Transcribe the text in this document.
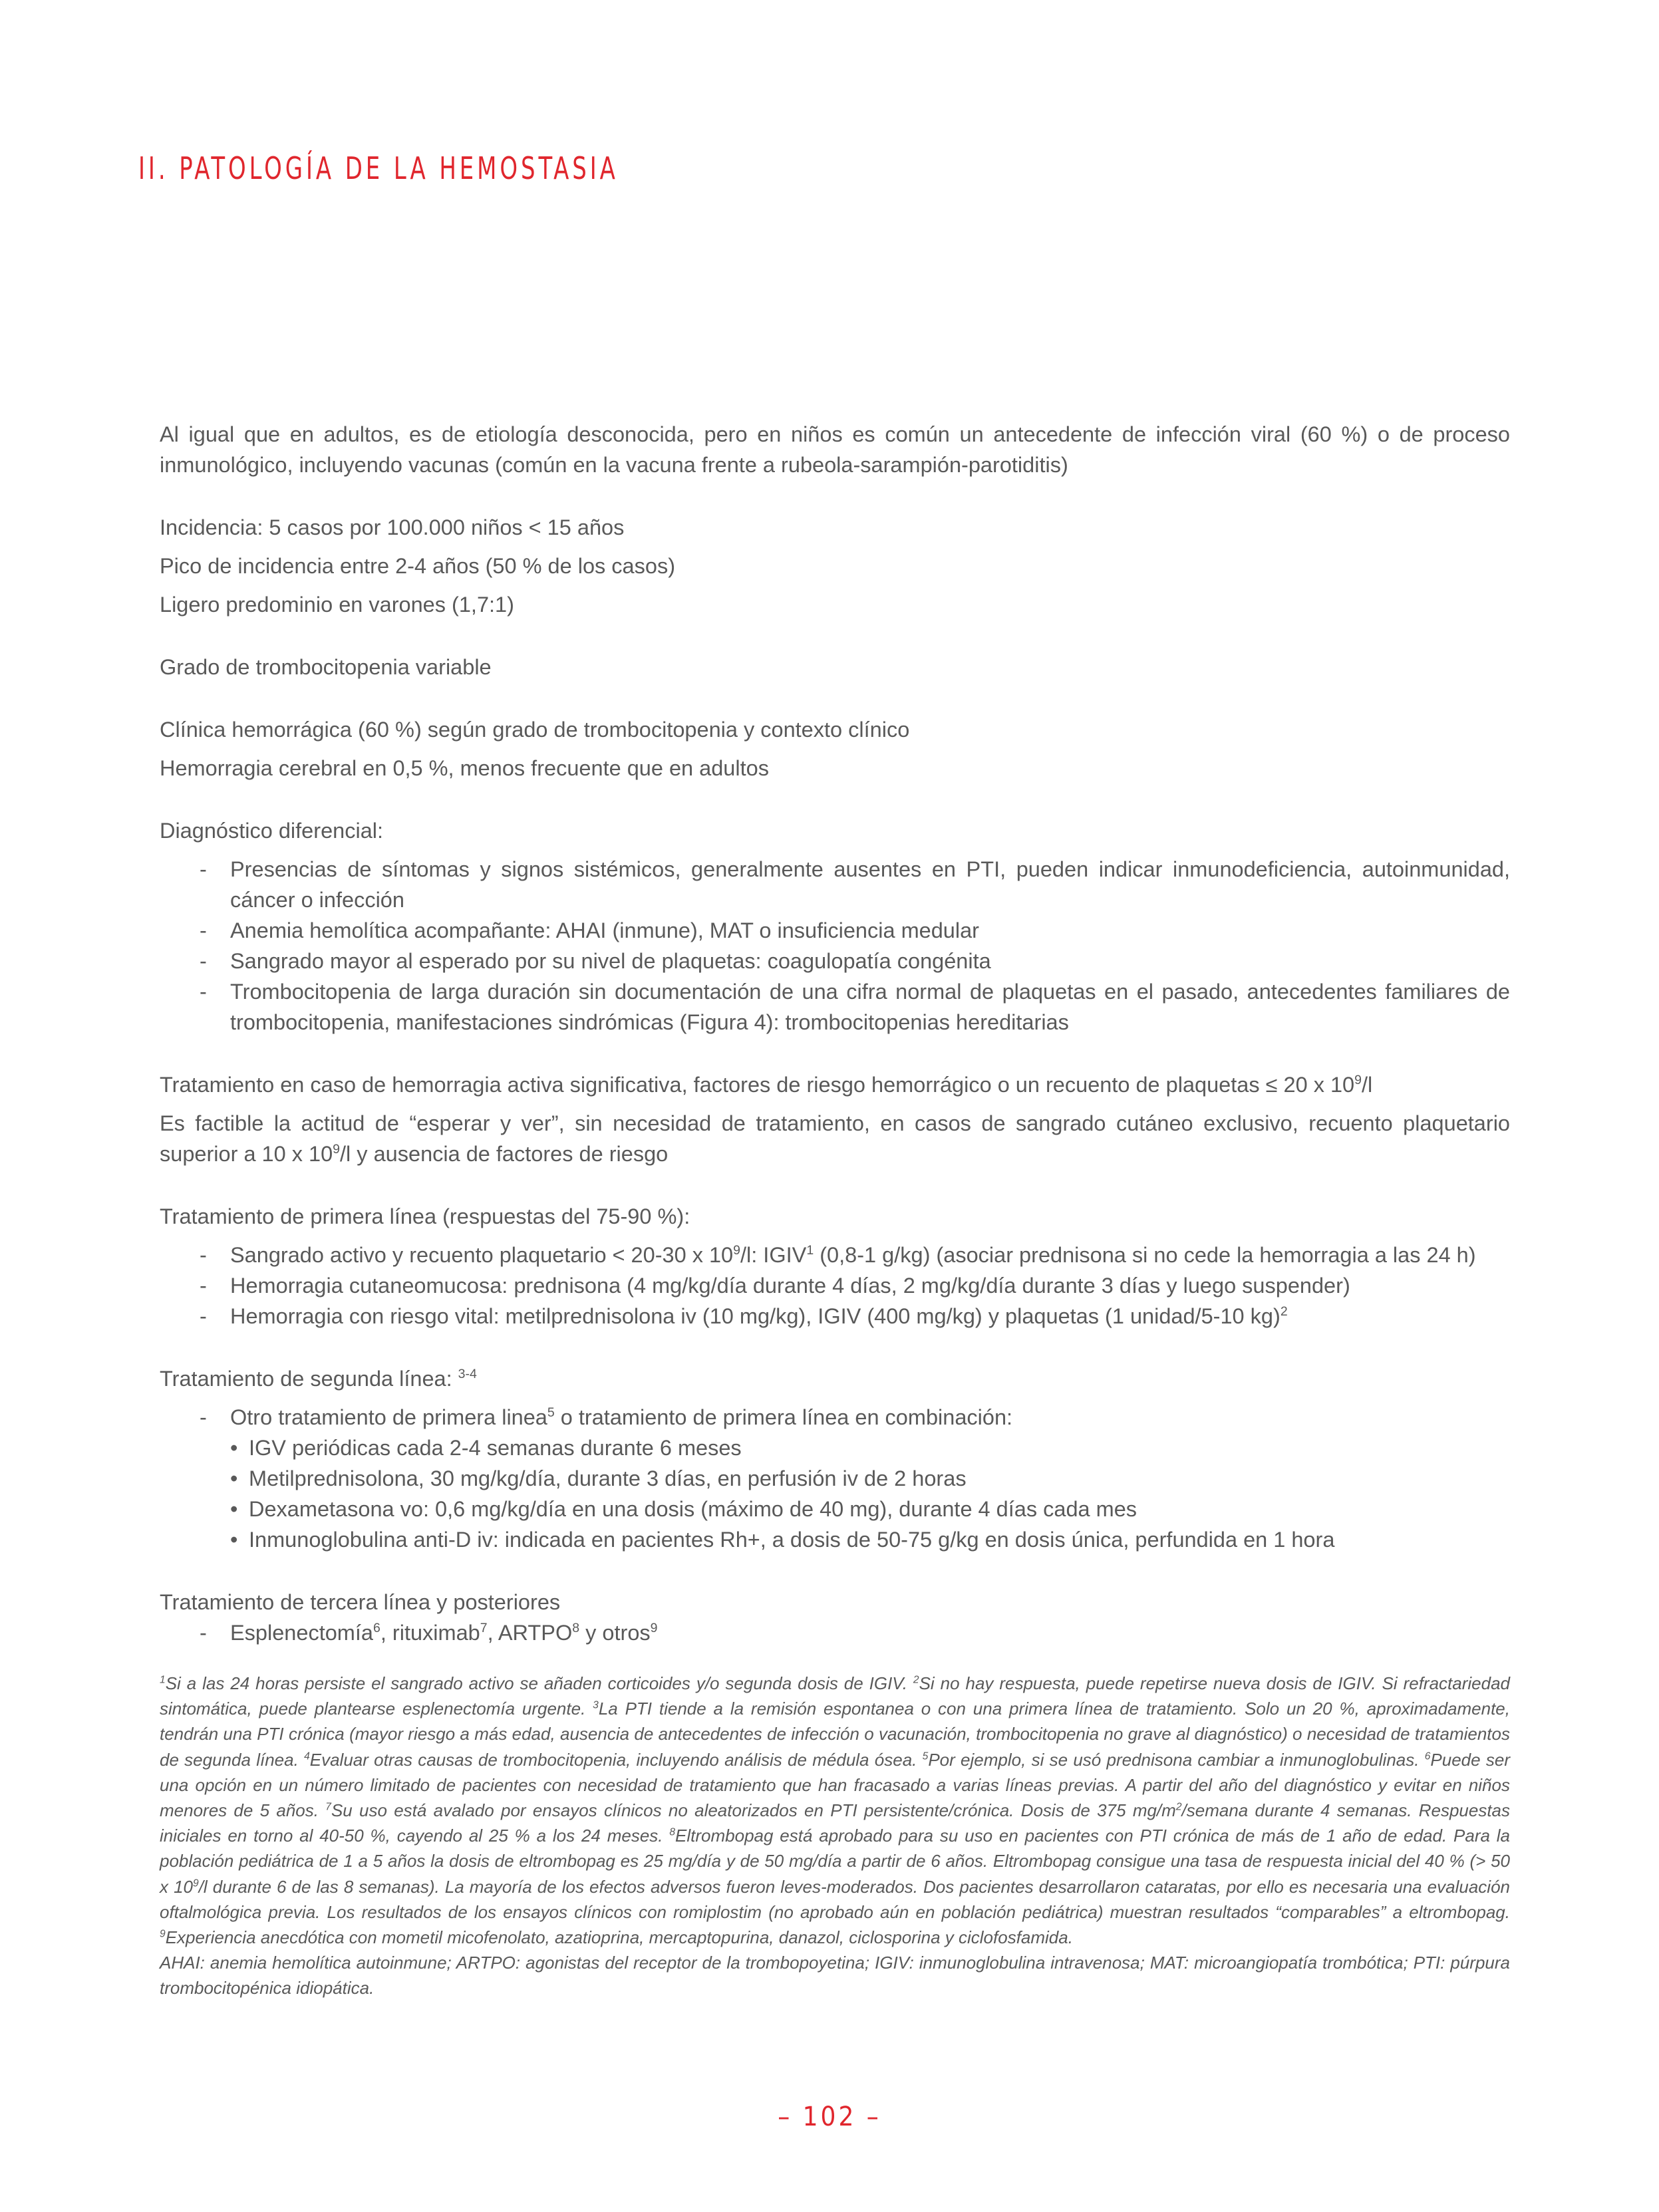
II. PATOLOGÍA DE LA HEMOSTASIA

Al igual que en adultos, es de etiología desconocida, pero en niños es común un antecedente de infección viral (60 %) o de proceso inmunológico, incluyendo vacunas (común en la vacuna frente a rubeola-sarampión-parotiditis)

Incidencia: 5 casos por 100.000 niños < 15 años

Pico de incidencia entre 2-4 años (50 % de los casos)

Ligero predominio en varones (1,7:1)

Grado de trombocitopenia variable

Clínica hemorrágica (60 %) según grado de trombocitopenia y contexto clínico

Hemorragia cerebral en 0,5 %, menos frecuente que en adultos

Diagnóstico diferencial:

- Presencias de síntomas y signos sistémicos, generalmente ausentes en PTI, pueden indicar inmunodeficiencia, autoinmunidad, cáncer o infección
- Anemia hemolítica acompañante: AHAI (inmune), MAT o insuficiencia medular
- Sangrado mayor al esperado por su nivel de plaquetas: coagulopatía congénita
- Trombocitopenia de larga duración sin documentación de una cifra normal de plaquetas en el pasado, antecedentes familiares de trombocitopenia, manifestaciones sindrómicas (Figura 4): trombocitopenias hereditarias

Tratamiento en caso de hemorragia activa significativa, factores de riesgo hemorrágico o un recuento de plaquetas ≤ 20 x $10^9/l$

Es factible la actitud de “esperar y ver”, sin necesidad de tratamiento, en casos de sangrado cutáneo exclusivo, recuento plaquetario superior a 10 x $10^9/l$ y ausencia de factores de riesgo

Tratamiento de primera línea (respuestas del 75-90 %):

- Sangrado activo y recuento plaquetario < 20-30 x $10^9/l$: IGIV$^1$ (0,8-1 g/kg) (asociar prednisona si no cede la hemorragia a las 24 h)
- Hemorragia cutaneomucosa: prednisona (4 mg/kg/día durante 4 días, 2 mg/kg/día durante 3 días y luego suspender)
- Hemorragia con riesgo vital: metilprednisolona iv (10 mg/kg), IGIV (400 mg/kg) y plaquetas (1 unidad/5-10 kg)$^2$

Tratamiento de segunda línea: $^{3-4}$

- Otro tratamiento de primera linea$^5$ o tratamiento de primera línea en combinación:
• IGV periódicas cada 2-4 semanas durante 6 meses
• Metilprednisolona, 30 mg/kg/día, durante 3 días, en perfusión iv de 2 horas
• Dexametasona vo: 0,6 mg/kg/día en una dosis (máximo de 40 mg), durante 4 días cada mes
• Inmunoglobulina anti-D iv: indicada en pacientes Rh+, a dosis de 50-75 g/kg en dosis única, perfundida en 1 hora

Tratamiento de tercera línea y posteriores

- Esplenectomía$^6$, rituximab$^7$, ARTPO$^8$ y otros$^9$

$^1$Si a las 24 horas persiste el sangrado activo se añaden corticoides y/o segunda dosis de IGIV. $^2$Si no hay respuesta, puede repetirse nueva dosis de IGIV. Si refractariedad sintomática, puede plantearse esplenectomía urgente. $^3$La PTI tiende a la remisión espontanea o con una primera línea de tratamiento. Solo un 20 %, aproximadamente, tendrán una PTI crónica (mayor riesgo a más edad, ausencia de antecedentes de infección o vacunación, trombocitopenia no grave al diagnóstico) o necesidad de tratamientos de segunda línea. $^4$Evaluar otras causas de trombocitopenia, incluyendo análisis de médula ósea. $^5$Por ejemplo, si se usó prednisona cambiar a inmunoglobulinas. $^6$Puede ser una opción en un número limitado de pacientes con necesidad de tratamiento que han fracasado a varias líneas previas. A partir del año del diagnóstico y evitar en niños menores de 5 años. $^7$Su uso está avalado por ensayos clínicos no aleatorizados en PTI persistente/crónica. Dosis de 375 $mg/m^2$/semana durante 4 semanas. Respuestas iniciales en torno al 40-50 %, cayendo al 25 % a los 24 meses. $^8$Eltrombopag está aprobado para su uso en pacientes con PTI crónica de más de 1 año de edad. Para la población pediátrica de 1 a 5 años la dosis de eltrombopag es 25 mg/día y de 50 mg/día a partir de 6 años. Eltrombopag consigue una tasa de respuesta inicial del 40 % (> 50 x $10^9/l$ durante 6 de las 8 semanas). La mayoría de los efectos adversos fueron leves-moderados. Dos pacientes desarrollaron cataratas, por ello es necesaria una evaluación oftalmológica previa. Los resultados de los ensayos clínicos con romiplostim (no aprobado aún en población pediátrica) muestran resultados “comparables” a eltrombopag. $^9$Experiencia anecdótica con mometil micofenolato, azatioprina, mercaptopurina, danazol, ciclosporina y ciclofosfamida.

AHAI: anemia hemolítica autoinmune; ARTPO: agonistas del receptor de la trombopoyetina; IGIV: inmunoglobulina intravenosa; MAT: microangiopatía trombótica; PTI: púrpura trombocitopénica idiopática.

– 102 –
